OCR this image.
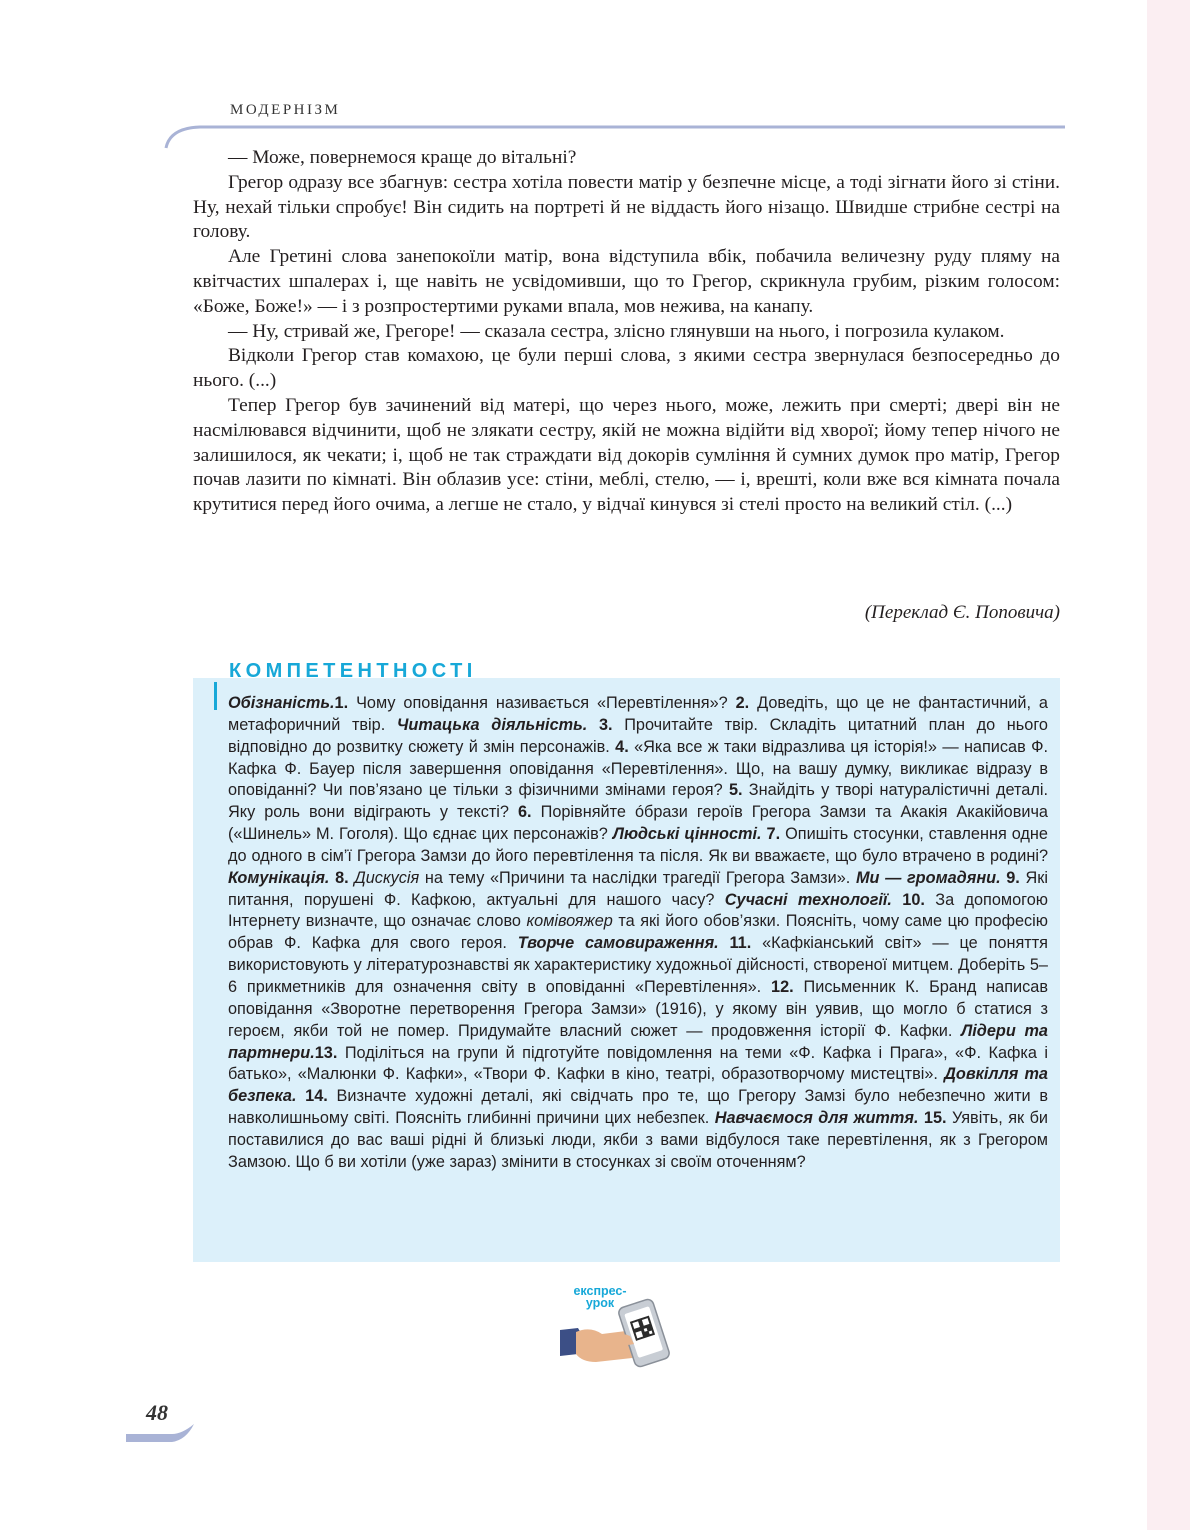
МОДЕРНІЗМ

— Може, повернемося краще до вітальні?

Грегор одразу все збагнув: сестра хотіла повести матір у безпечне місце, а тоді зігнати його зі стіни. Ну, нехай тільки спробує! Він сидить на портреті й не віддасть його нізащо. Швидше стрибне сестрі на голову.

Але Гретині слова занепокоїли матір, вона відступила вбік, побачила величезну руду пляму на квітчастих шпалерах і, ще навіть не усвідомивши, що то Грегор, скрикнула грубим, різким голосом: «Боже, Боже!» — і з розпростертими руками впала, мов нежива, на канапу.

— Ну, стривай же, Грегоре! — сказала сестра, злісно глянувши на нього, і погрозила кулаком.

Відколи Грегор став комахою, це були перші слова, з якими сестра звернулася безпосередньо до нього. (...)

Тепер Грегор був зачинений від матері, що через нього, може, лежить при смерті; двері він не насмілювався відчинити, щоб не злякати сестру, якій не можна відійти від хворої; йому тепер нічого не залишилося, як чекати; і, щоб не так страждати від докорів сумління й сумних думок про матір, Грегор почав лазити по кімнаті. Він облазив усе: стіни, меблі, стелю, — і, врешті, коли вже вся кімната почала крутитися перед його очима, а легше не стало, у відчаї кинувся зі стелі просто на великий стіл. (...)

(Переклад Є. Поповича)
КОМПЕТЕНТНОСТІ
Обізнаність.1. Чому оповідання називається «Перевтілення»? 2. Доведіть, що це не фантастичний, а метафоричний твір. Читацька діяльність. 3. Прочитайте твір. Складіть цитатний план до нього відповідно до розвитку сюжету й змін персонажів. 4. «Яка все ж таки відразлива ця історія!» — написав Ф. Кафка Ф. Бауер після завершення оповідання «Перевтілення». Що, на вашу думку, викликає відразу в оповіданні? Чи пов’язано це тільки з фізичними змінами героя? 5. Знайдіть у творі натуралістичні деталі. Яку роль вони відіграють у тексті? 6. Порівняйте óбрази героїв Грегора Замзи та Акакія Акакійовича («Шинель» М. Гоголя). Що єднає цих персонажів? Людські цінності. 7. Опишіть стосунки, ставлення одне до одного в сім’ї Грегора Замзи до його перевтілення та після. Як ви вважаєте, що було втрачено в родині? Комунікація. 8. Дискусія на тему «Причини та наслідки трагедії Грегора Замзи». Ми — громадяни. 9. Які питання, порушені Ф. Кафкою, актуальні для нашого часу? Сучасні технології. 10. За допомогою Інтернету визначте, що означає слово комівояжер та які його обов’язки. Поясніть, чому саме цю професію обрав Ф. Кафка для свого героя. Творче самовираження. 11. «Кафкіанський світ» — це поняття використовують у літературознавстві як характеристику художньої дійсності, створеної митцем. Доберіть 5–6 прикметників для означення світу в оповіданні «Перевтілення». 12. Письменник К. Бранд написав оповідання «Зворотне перетворення Грегора Замзи» (1916), у якому він уявив, що могло б статися з героєм, якби той не помер. Придумайте власний сюжет — продовження історії Ф. Кафки. Лідери та партнери.13. Поділіться на групи й підготуйте повідомлення на теми «Ф. Кафка і Прага», «Ф. Кафка і батько», «Малюнки Ф. Кафки», «Твори Ф. Кафки в кіно, театрі, образотворчому мистецтві». Довкілля та безпека. 14. Визначте художні деталі, які свідчать про те, що Грегору Замзі було небезпечно жити в навколишньому світі. Поясніть глибинні причини цих небезпек. Навчаємося для життя. 15. Уявіть, як би поставилися до вас ваші рідні й близькі люди, якби з вами відбулося таке перевтілення, як з Грегором Замзою. Що б ви хотіли (уже зараз) змінити в стосунках зі своїм оточенням?
експрес-
урок
48
